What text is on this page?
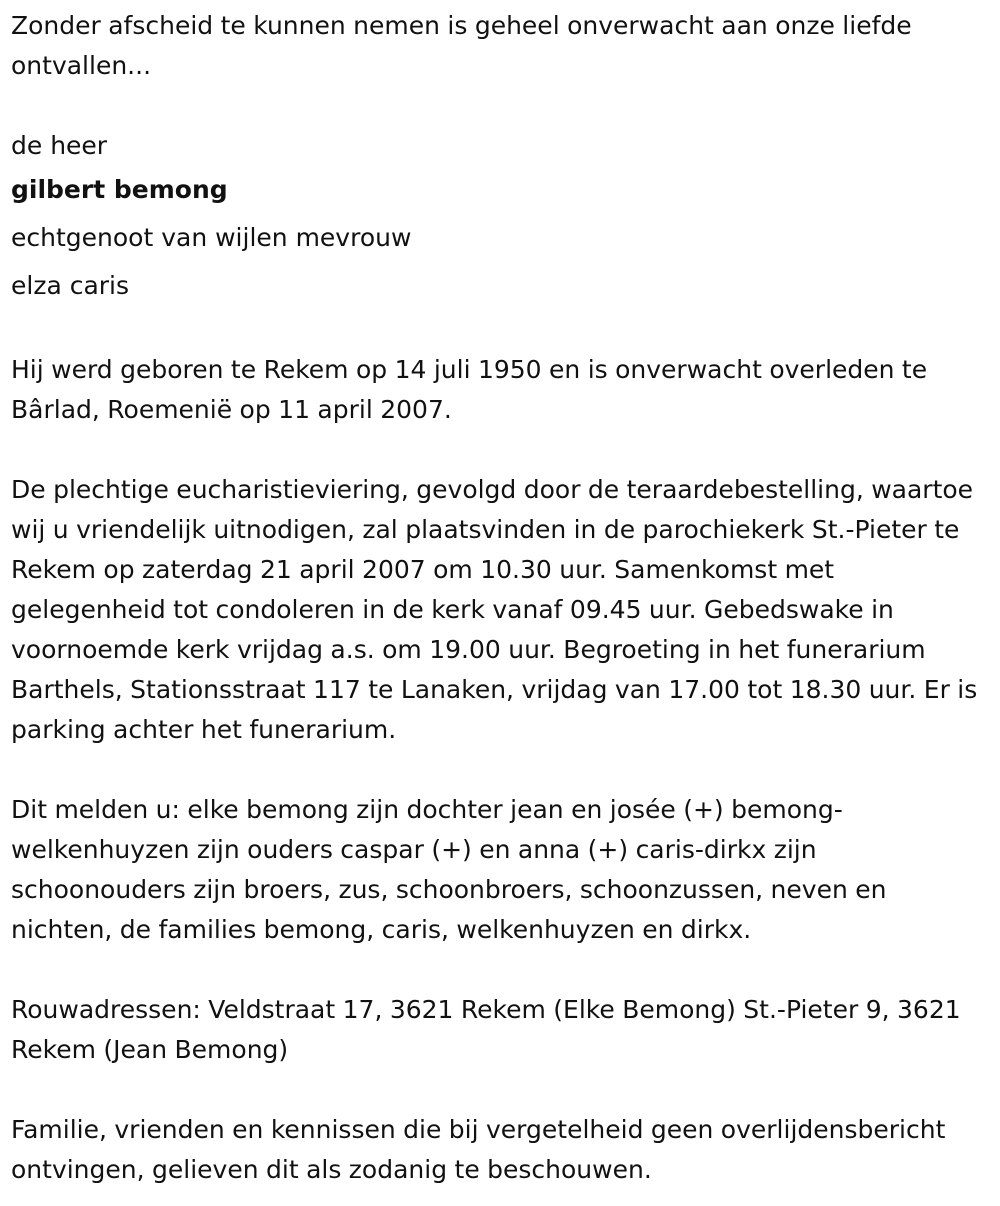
Zonder afscheid te kunnen nemen is geheel onverwacht aan onze liefde ontvallen...

de heer

gilbert bemong

echtgenoot van wijlen mevrouw

elza caris

Hij werd geboren te Rekem op 14 juli 1950 en is onverwacht overleden te Bârlad, Roemenië op 11 april 2007.

De plechtige eucharistieviering, gevolgd door de teraardebestelling, waartoe wij u vriendelijk uitnodigen, zal plaatsvinden in de parochiekerk St.-Pieter te Rekem op zaterdag 21 april 2007 om 10.30 uur. Samenkomst met gelegenheid tot condoleren in de kerk vanaf 09.45 uur. Gebedswake in voornoemde kerk vrijdag a.s. om 19.00 uur. Begroeting in het funerarium Barthels, Stationsstraat 117 te Lanaken, vrijdag van 17.00 tot 18.30 uur. Er is parking achter het funerarium.

Dit melden u: elke bemong zijn dochter jean en josée (+) bemong-welkenhuyzen zijn ouders caspar (+) en anna (+) caris-dirkx zijn schoonouders zijn broers, zus, schoonbroers, schoonzussen, neven en nichten, de families bemong, caris, welkenhuyzen en dirkx.

Rouwadressen: Veldstraat 17, 3621 Rekem (Elke Bemong) St.-Pieter 9, 3621 Rekem (Jean Bemong)

Familie, vrienden en kennissen die bij vergetelheid geen overlijdensbericht ontvingen, gelieven dit als zodanig te beschouwen.
